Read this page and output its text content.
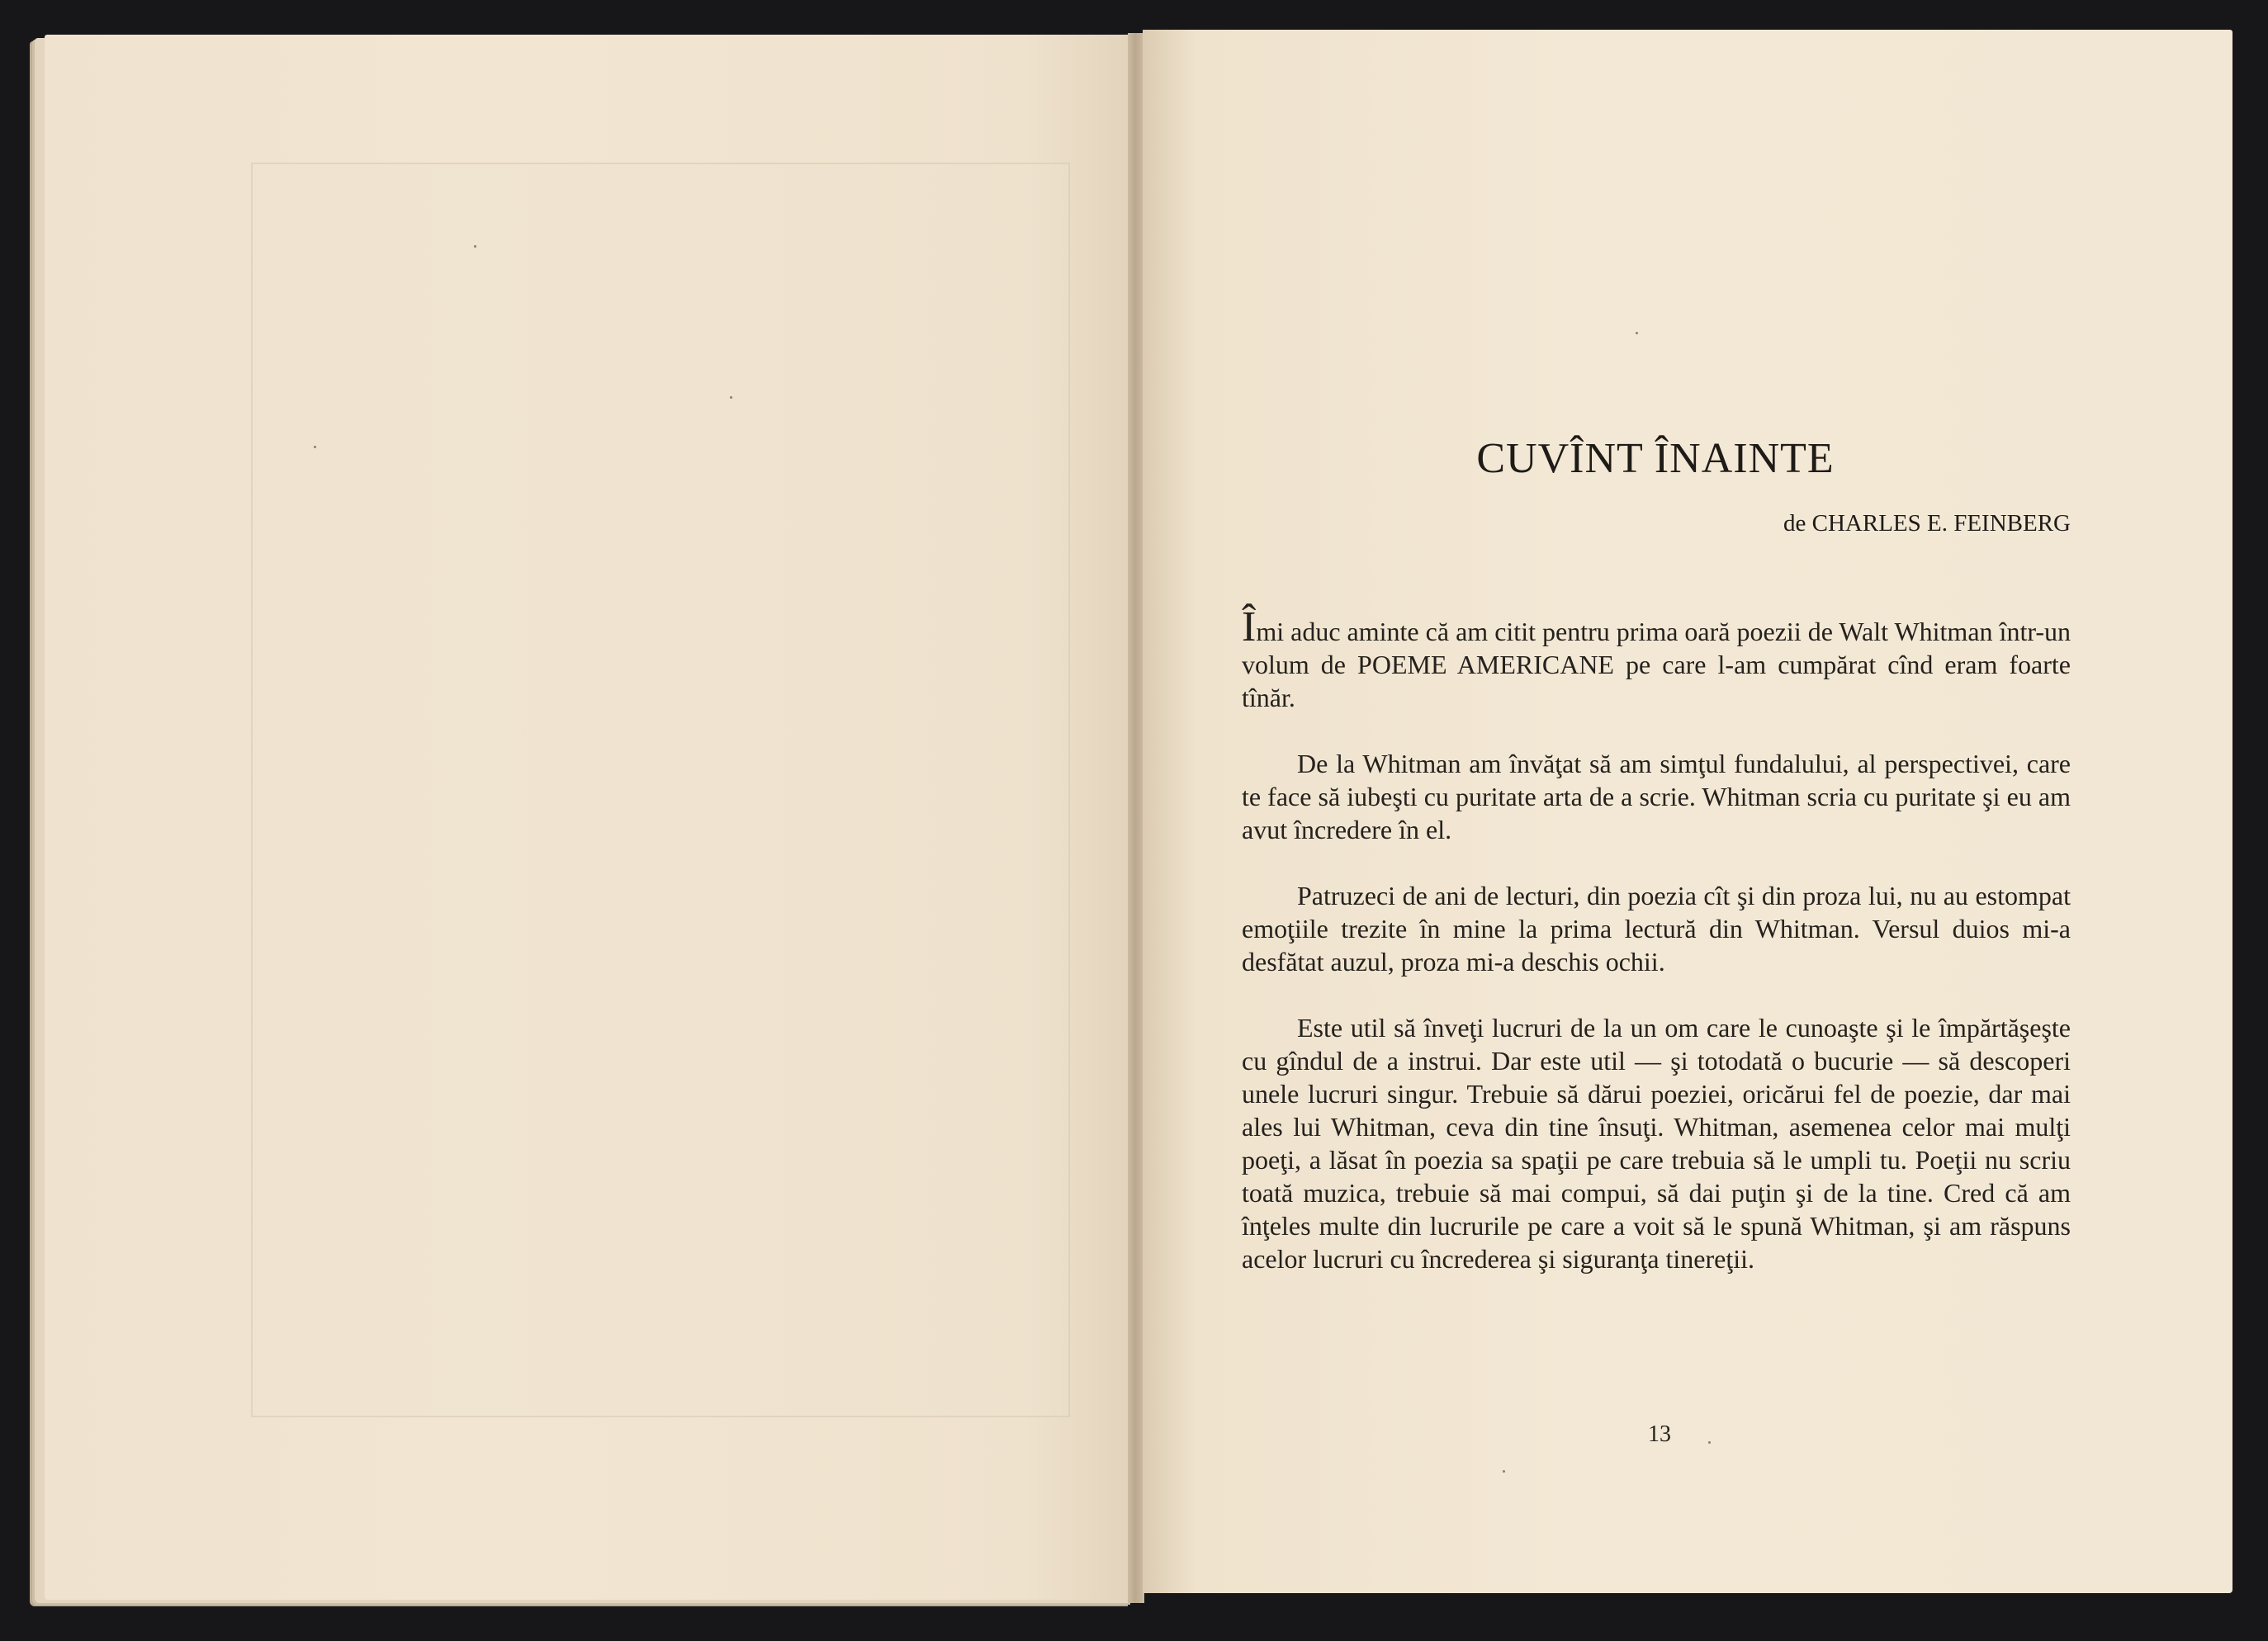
CUVÎNT ÎNAINTE

de CHARLES E. FEINBERG

Îmi aduc aminte că am citit pentru prima oară poezii de Walt Whitman într-un volum de POEME AMERICANE pe care l-am cumpărat cînd eram foarte tînăr.

De la Whitman am învăţat să am simţul fundalului, al perspectivei, care te face să iubeşti cu puritate arta de a scrie. Whitman scria cu puritate şi eu am avut încredere în el.

Patruzeci de ani de lecturi, din poezia cît şi din proza lui, nu au estompat emoţiile trezite în mine la prima lectură din Whitman. Versul duios mi-a desfătat auzul, proza mi-a deschis ochii.

Este util să înveţi lucruri de la un om care le cunoaşte şi le împărtăşeşte cu gîndul de a instrui. Dar este util — şi totodată o bucurie — să descoperi unele lucruri singur. Trebuie să dărui poeziei, oricărui fel de poezie, dar mai ales lui Whitman, ceva din tine însuţi. Whitman, asemenea celor mai mulţi poeţi, a lăsat în poezia sa spaţii pe care trebuia să le umpli tu. Poeţii nu scriu toată muzica, trebuie să mai compui, să dai puţin şi de la tine. Cred că am înţeles multe din lucrurile pe care a voit să le spună Whitman, şi am răspuns acelor lucruri cu încrederea şi siguranţa tinereţii.

13
